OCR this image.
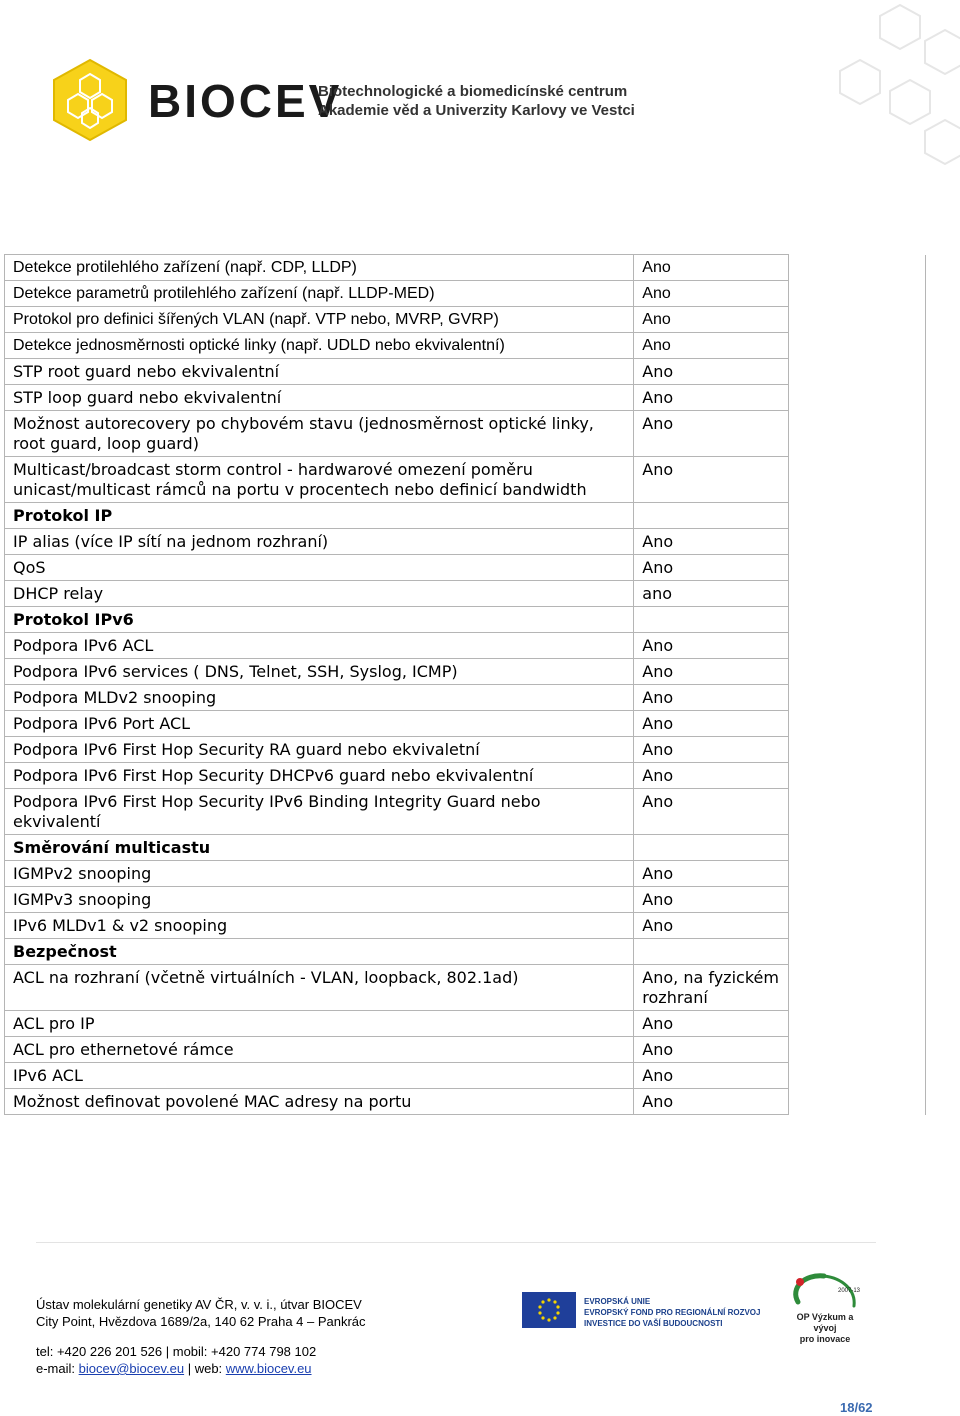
BIOCEV
Biotechnologické a biomedicínské centrum
Akademie věd a Univerzity Karlovy ve Vestci
Detekce protilehlého zařízení (např. CDP, LLDP)	Ano	
Detekce parametrů protilehlého zařízení (např. LLDP-MED)	Ano	
Protokol pro definici šířených VLAN (např. VTP nebo, MVRP, GVRP)	Ano	
Detekce jednosměrnosti optické linky (např. UDLD nebo ekvivalentní)	Ano	
STP root guard nebo ekvivalentní	Ano	
STP loop guard nebo ekvivalentní	Ano	
Možnost autorecovery po chybovém stavu (jednosměrnost optické linky, root guard, loop guard)	Ano	
Multicast/broadcast storm control - hardwarové omezení poměru unicast/multicast rámců na portu v procentech nebo definicí bandwidth	Ano	
Protokol IP		
IP alias (více IP sítí na jednom rozhraní)	Ano	
QoS	Ano	
DHCP relay	ano	
Protokol IPv6		
Podpora IPv6 ACL	Ano	
Podpora IPv6 services ( DNS, Telnet, SSH, Syslog, ICMP)	Ano	
Podpora MLDv2 snooping	Ano	
Podpora IPv6 Port ACL	Ano	
Podpora IPv6 First Hop Security RA guard nebo ekvivaletní	Ano	
Podpora IPv6 First Hop Security DHCPv6 guard nebo ekvivalentní	Ano	
Podpora IPv6 First Hop Security IPv6 Binding Integrity Guard nebo ekvivalentí	Ano	
Směrování multicastu		
IGMPv2 snooping	Ano	
IGMPv3 snooping	Ano	
IPv6 MLDv1 & v2 snooping	Ano	
Bezpečnost		
ACL na rozhraní (včetně virtuálních - VLAN, loopback, 802.1ad)	Ano, na fyzickém rozhraní	
ACL pro IP	Ano	
ACL pro ethernetové rámce	Ano	
IPv6 ACL	Ano	
Možnost definovat povolené MAC adresy na portu	Ano	
Ústav molekulární genetiky AV ČR, v. v. i., útvar BIOCEV
City Point, Hvězdova 1689/2a, 140 62 Praha 4 – Pankrác
tel: +420 226 201 526 | mobil: +420 774 798 102
e-mail: biocev@biocev.eu | web: www.biocev.eu
EVROPSKÁ UNIE
EVROPSKÝ FOND PRO REGIONÁLNÍ ROZVOJ
INVESTICE DO VAŠÍ BUDOUCNOSTI
2007-13
OP Výzkum a vývoj
pro inovace
18/62
